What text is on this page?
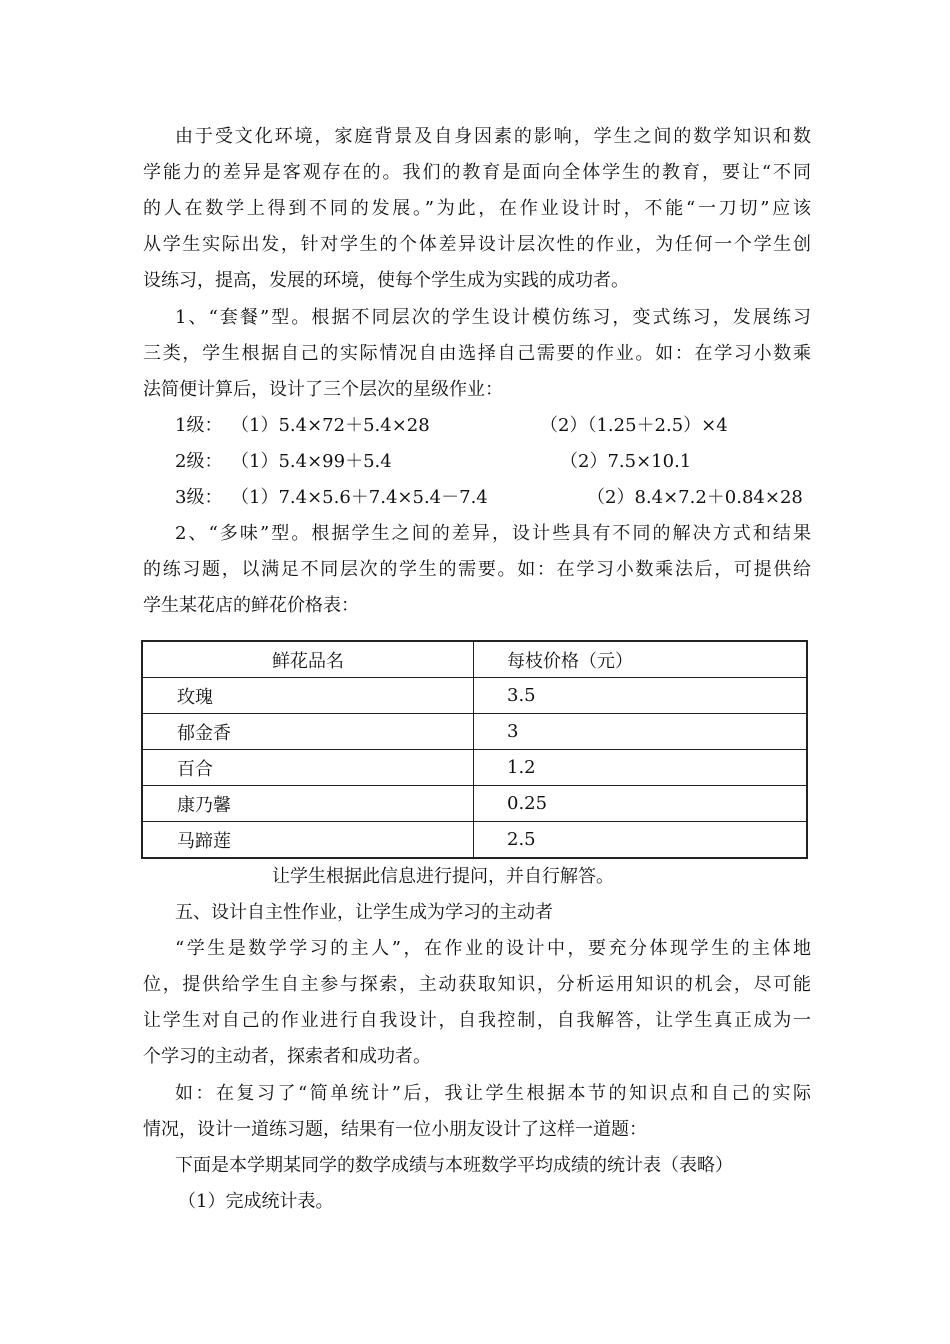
由于受文化环境，家庭背景及自身因素的影响，学生之间的数学知识和数
学能力的差异是客观存在的。我们的教育是面向全体学生的教育，要让“不同
的人在数学上得到不同的发展。”为此，在作业设计时，不能“一刀切”应该
从学生实际出发，针对学生的个体差异设计层次性的作业，为任何一个学生创
设练习，提高，发展的环境，使每个学生成为实践的成功者。
1、“套餐”型。根据不同层次的学生设计模仿练习，变式练习，发展练习
三类，学生根据自己的实际情况自由选择自己需要的作业。如：在学习小数乘
法简便计算后，设计了三个层次的星级作业：
1级： （1）5.4×72＋5.4×28	（2）（1.25＋2.5）×4
2级： （1）5.4×99＋5.4	（2）7.5×10.1
3级： （1）7.4×5.6＋7.4×5.4－7.4	（2）8.4×7.2＋0.84×28
2、“多味”型。根据学生之间的差异，设计些具有不同的解决方式和结果
的练习题，以满足不同层次的学生的需要。如：在学习小数乘法后，可提供给
学生某花店的鲜花价格表：
鲜花品名	每枝价格（元）
玫瑰	3.5
郁金香	3
百合	1.2
康乃馨	0.25
马蹄莲	2.5
让学生根据此信息进行提问，并自行解答。
五、设计自主性作业，让学生成为学习的主动者
“学生是数学学习的主人”，在作业的设计中，要充分体现学生的主体地
位，提供给学生自主参与探索，主动获取知识，分析运用知识的机会，尽可能
让学生对自己的作业进行自我设计，自我控制，自我解答，让学生真正成为一
个学习的主动者，探索者和成功者。
如：在复习了“简单统计”后，我让学生根据本节的知识点和自己的实际
情况，设计一道练习题，结果有一位小朋友设计了这样一道题：
下面是本学期某同学的数学成绩与本班数学平均成绩的统计表（表略）
（1）完成统计表。
